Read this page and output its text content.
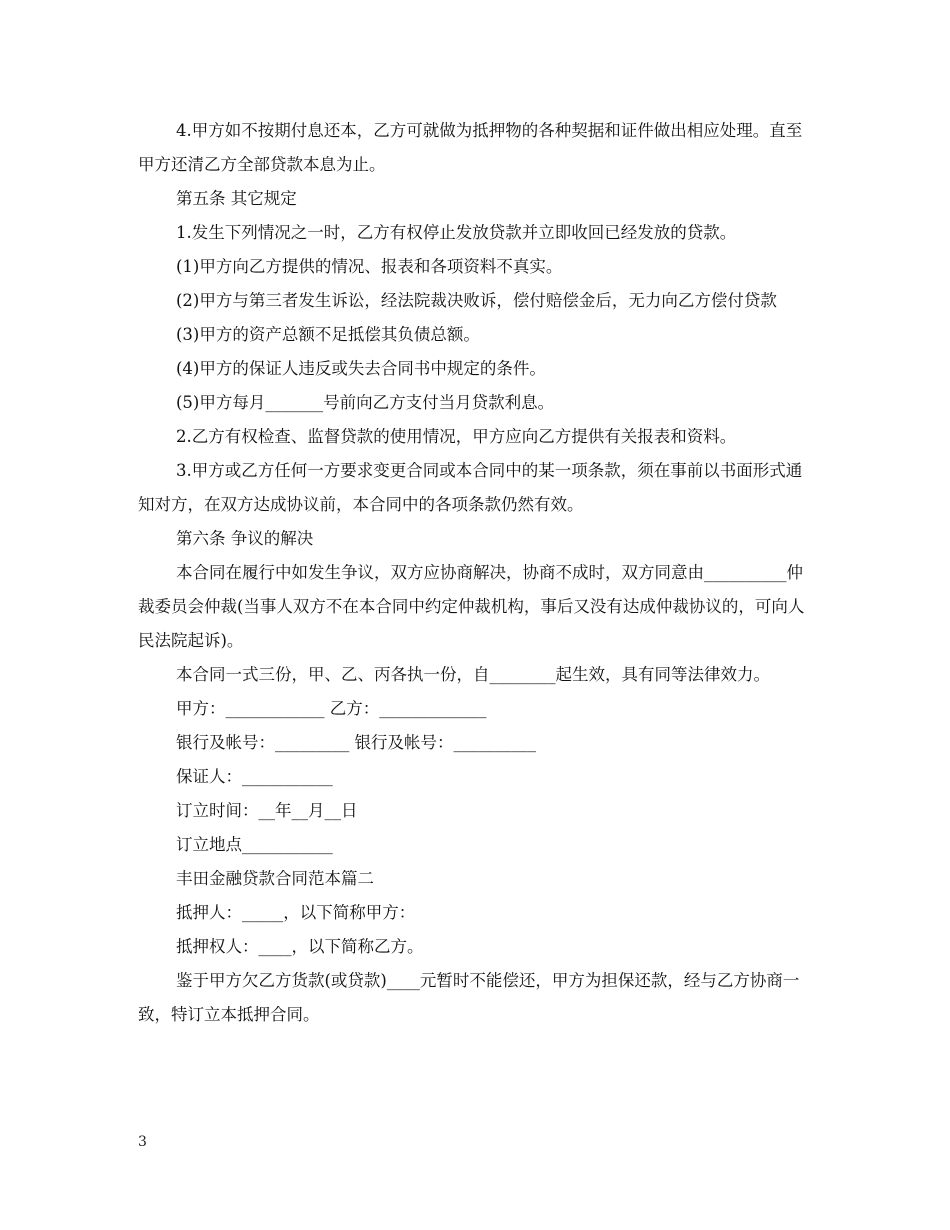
4.甲方如不按期付息还本，乙方可就做为抵押物的各种契据和证件做出相应处理。直至甲方还清乙方全部贷款本息为止。

第五条 其它规定

1.发生下列情况之一时，乙方有权停止发放贷款并立即收回已经发放的贷款。

(1)甲方向乙方提供的情况、报表和各项资料不真实。

(2)甲方与第三者发生诉讼，经法院裁决败诉，偿付赔偿金后，无力向乙方偿付贷款

(3)甲方的资产总额不足抵偿其负债总额。

(4)甲方的保证人违反或失去合同书中规定的条件。

(5)甲方每月_______号前向乙方支付当月贷款利息。

2.乙方有权检查、监督贷款的使用情况，甲方应向乙方提供有关报表和资料。

3.甲方或乙方任何一方要求变更合同或本合同中的某一项条款，须在事前以书面形式通知对方，在双方达成协议前，本合同中的各项条款仍然有效。

第六条 争议的解决

本合同在履行中如发生争议，双方应协商解决，协商不成时，双方同意由__________仲裁委员会仲裁(当事人双方不在本合同中约定仲裁机构，事后又没有达成仲裁协议的，可向人民法院起诉)。

本合同一式三份，甲、乙、丙各执一份，自________起生效，具有同等法律效力。

甲方：____________ 乙方：_____________

银行及帐号：_________ 银行及帐号：__________

保证人：___________

订立时间：__年__月__日

订立地点___________

丰田金融贷款合同范本篇二

抵押人：_____，以下简称甲方：

抵押权人：____，以下简称乙方。

鉴于甲方欠乙方货款(或贷款)____元暂时不能偿还，甲方为担保还款，经与乙方协商一致，特订立本抵押合同。

3
